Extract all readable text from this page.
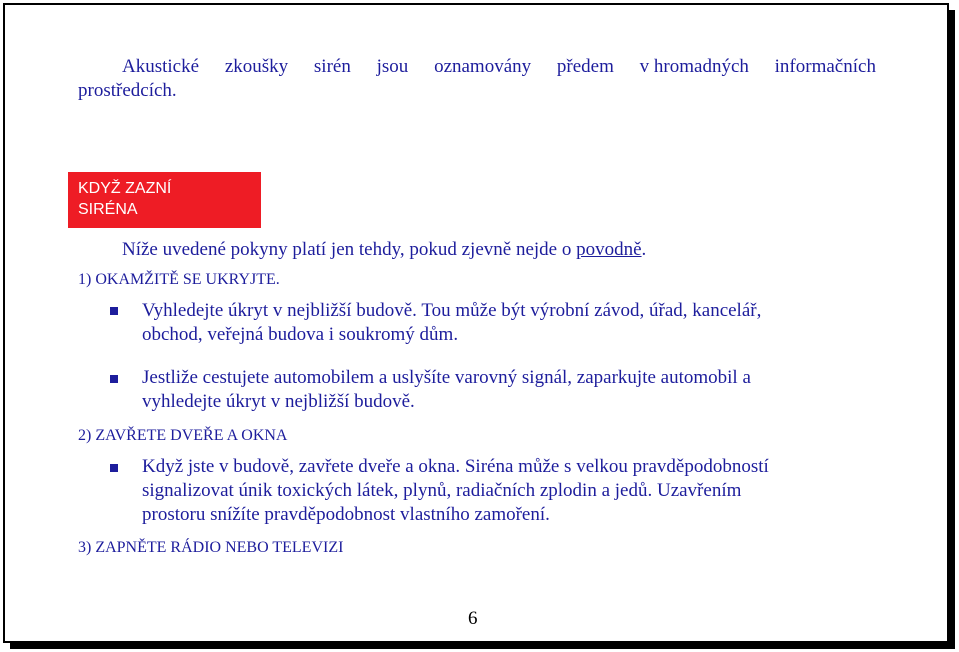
Akustické zkoušky sirén jsou oznamovány předem v hromadných informačních
prostředcích.
KDYŽ ZAZNÍ
SIRÉNA
Níže uvedené pokyny platí jen tehdy, pokud zjevně nejde o povodně.
1) OKAMŽITĚ SE UKRYJTE.
Vyhledejte úkryt v nejbližší budově. Tou může být výrobní závod, úřad, kancelář,
obchod, veřejná budova i soukromý dům.
Jestliže cestujete automobilem a uslyšíte varovný signál, zaparkujte automobil a
vyhledejte úkryt v nejbližší budově.
2) ZAVŘETE DVEŘE A OKNA
Když jste v budově, zavřete dveře a okna. Siréna může s velkou pravděpodobností
signalizovat únik toxických látek, plynů, radiačních zplodin a jedů. Uzavřením
prostoru snížíte pravděpodobnost vlastního zamoření.
3) ZAPNĚTE RÁDIO NEBO TELEVIZI
6
